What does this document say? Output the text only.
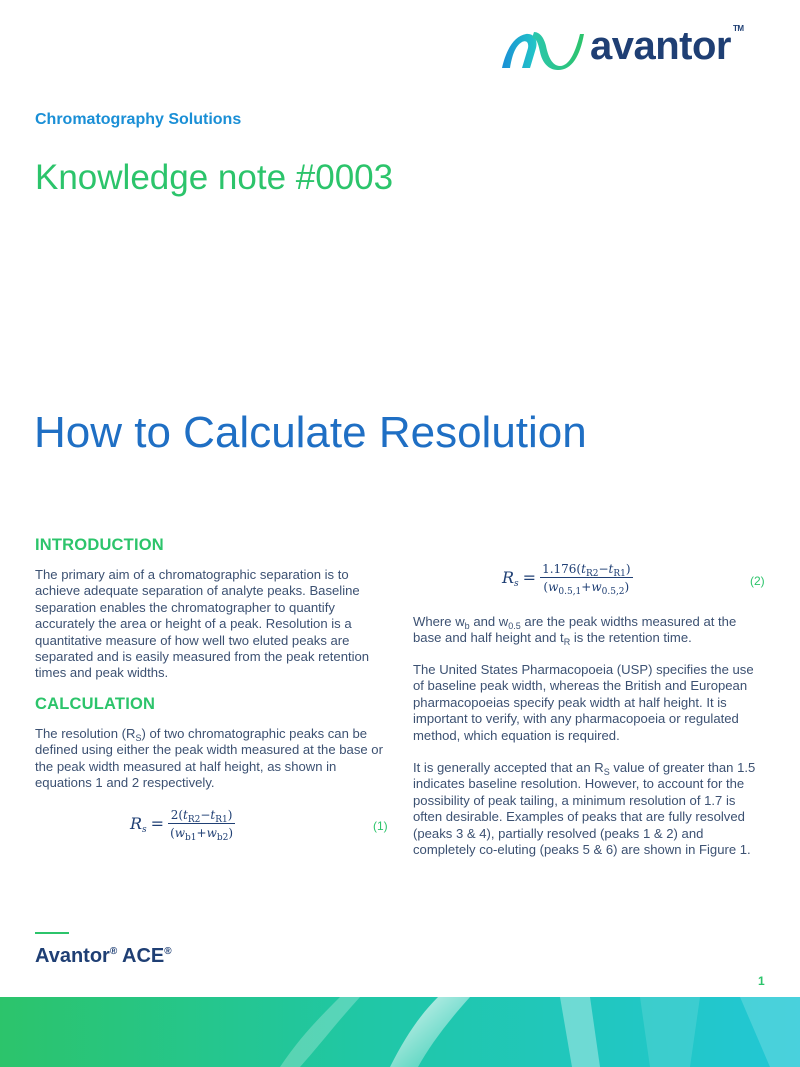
avantor ™
Chromatography Solutions
Knowledge note #0003
How to Calculate Resolution
INTRODUCTION
The primary aim of a chromatographic separation is to achieve adequate separation of analyte peaks. Baseline separation enables the chromatographer to quantify accurately the area or height of a peak. Resolution is a quantitative measure of how well two eluted peaks are separated and is easily measured from the peak retention times and peak widths.
CALCULATION
The resolution $(R_S)$ of two chromatographic peaks can be defined using either the peak width measured at the base or the peak width measured at half height, as shown in equations 1 and 2 respectively.
$R_s = \frac{2(t_{R2}-t_{R1})}{(w_{b1}+w_{b2})}$	(1)
$R_s = \frac{1.176(t_{R2}-t_{R1})}{(w_{0.5,1}+w_{0.5,2})}$	(2)
Where $w_b$ and $w_{0.5}$ are the peak widths measured at the base and half height and $t_R$ is the retention time.
The United States Pharmacopoeia (USP) specifies the use of baseline peak width, whereas the British and European pharmacopoeias specify peak width at half height. It is important to verify, with any pharmacopoeia or regulated method, which equation is required.
It is generally accepted that an $R_S$ value of greater than 1.5 indicates baseline resolution. However, to account for the possibility of peak tailing, a minimum resolution of 1.7 is often desirable. Examples of peaks that are fully resolved (peaks 3 & 4), partially resolved (peaks 1 & 2) and completely co-eluting (peaks 5 & 6) are shown in Figure 1.
Avantor® ACE®
1
